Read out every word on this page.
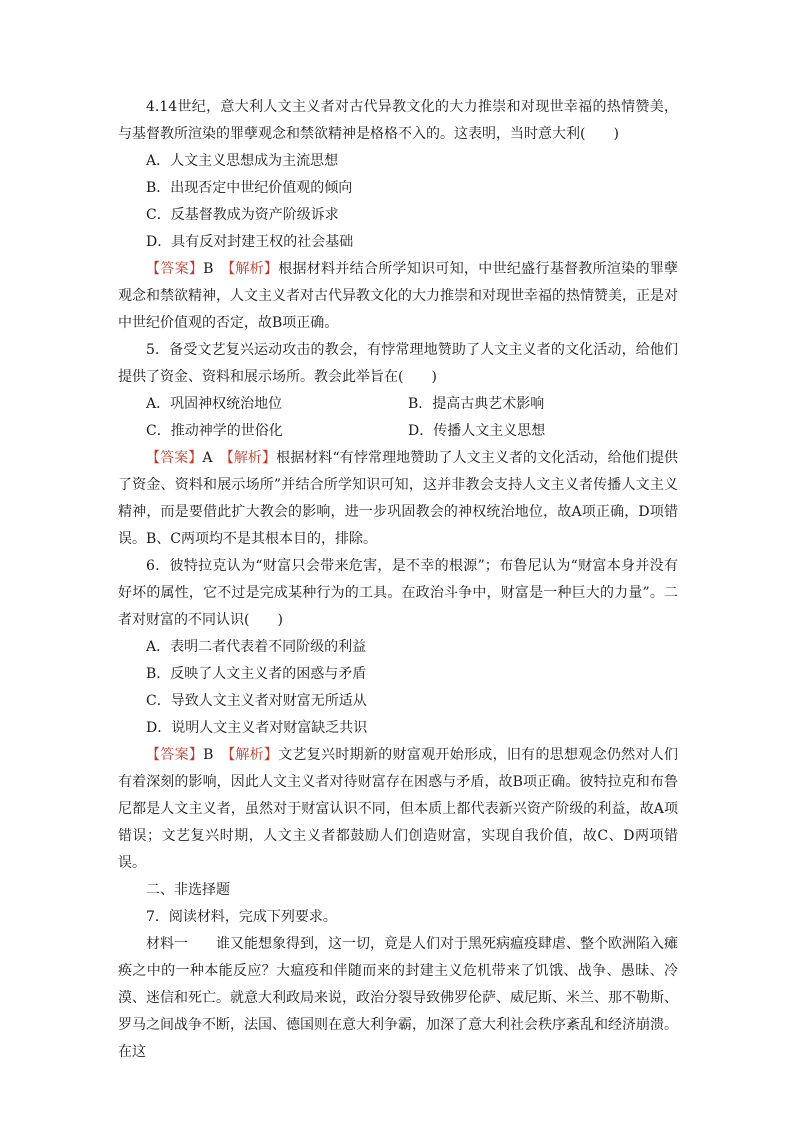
4.14世纪，意大利人文主义者对古代异教文化的大力推崇和对现世幸福的热情赞美，与基督教所渲染的罪孽观念和禁欲精神是格格不入的。这表明，当时意大利(　　)

A．人文主义思想成为主流思想

B．出现否定中世纪价值观的倾向

C．反基督教成为资产阶级诉求

D．具有反对封建王权的社会基础

【答案】B　 【解析】根据材料并结合所学知识可知，中世纪盛行基督教所渲染的罪孽观念和禁欲精神，人文主义者对古代异教文化的大力推崇和对现世幸福的热情赞美，正是对中世纪价值观的否定，故B项正确。

5．备受文艺复兴运动攻击的教会，有悖常理地赞助了人文主义者的文化活动，给他们提供了资金、资料和展示场所。教会此举旨在(　　)

A．巩固神权统治地位	B．提高古典艺术影响
C．推动神学的世俗化	D．传播人文主义思想

【答案】A　 【解析】根据材料“有悖常理地赞助了人文主义者的文化活动，给他们提供了资金、资料和展示场所”并结合所学知识可知，这并非教会支持人文主义者传播人文主义精神，而是要借此扩大教会的影响，进一步巩固教会的神权统治地位，故A项正确，D项错误。B、C两项均不是其根本目的，排除。

6．彼特拉克认为“财富只会带来危害，是不幸的根源”；布鲁尼认为“财富本身并没有好坏的属性，它不过是完成某种行为的工具。在政治斗争中，财富是一种巨大的力量”。二者对财富的不同认识(　　)

A．表明二者代表着不同阶级的利益

B．反映了人文主义者的困惑与矛盾

C．导致人文主义者对财富无所适从

D．说明人文主义者对财富缺乏共识

【答案】B　 【解析】文艺复兴时期新的财富观开始形成，旧有的思想观念仍然对人们有着深刻的影响，因此人文主义者对待财富存在困惑与矛盾，故B项正确。彼特拉克和布鲁尼都是人文主义者，虽然对于财富认识不同，但本质上都代表新兴资产阶级的利益，故A项错误；文艺复兴时期，人文主义者都鼓励人们创造财富，实现自我价值，故C、D两项错误。

二、非选择题

7．阅读材料，完成下列要求。

材料一　　谁又能想象得到，这一切，竟是人们对于黑死病瘟疫肆虐、整个欧洲陷入瘫痪之中的一种本能反应？大瘟疫和伴随而来的封建主义危机带来了饥饿、战争、愚昧、冷漠、迷信和死亡。就意大利政局来说，政治分裂导致佛罗伦萨、威尼斯、米兰、那不勒斯、罗马之间战争不断，法国、德国则在意大利争霸，加深了意大利社会秩序紊乱和经济崩溃。在这
